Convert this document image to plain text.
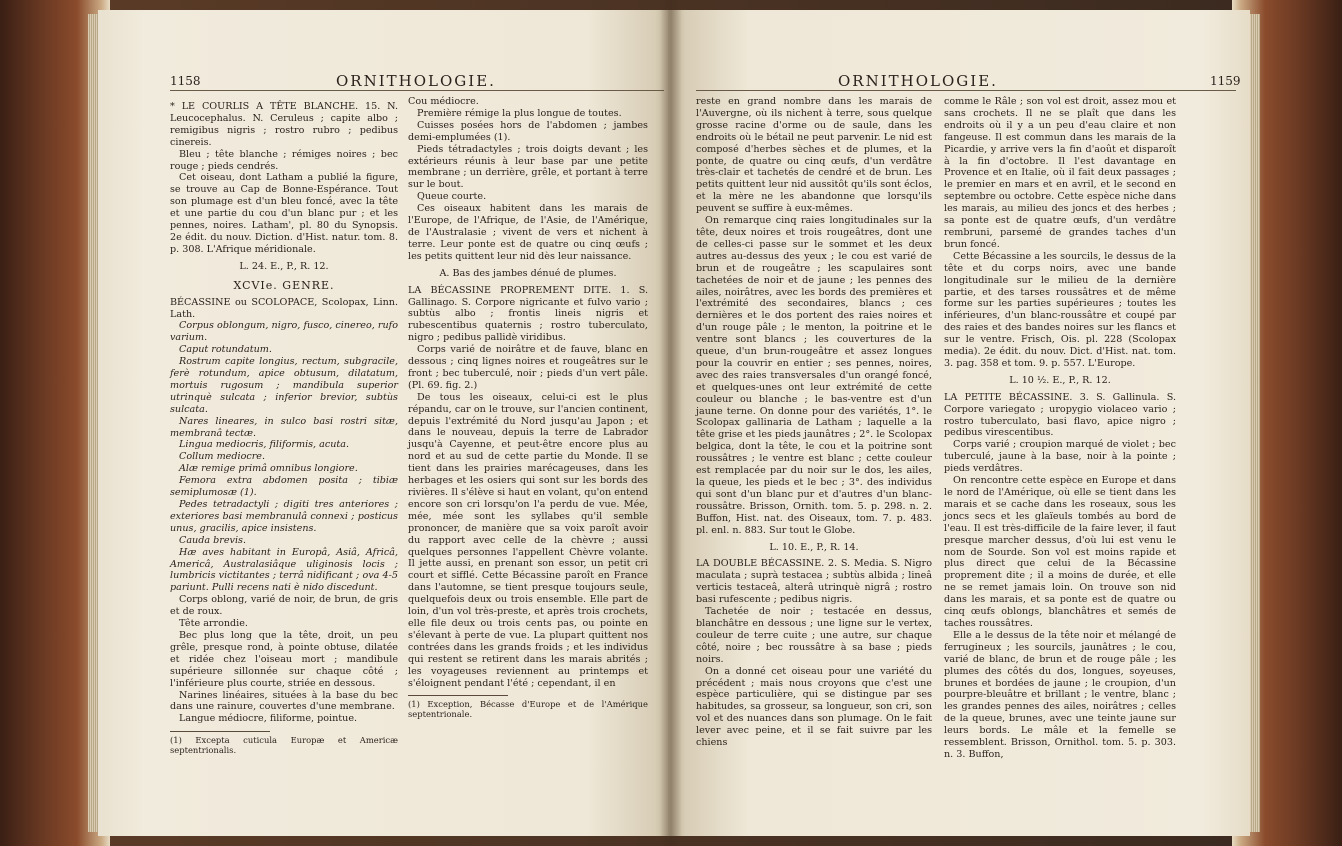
1158	ORNITHOLOGIE.

* LE COURLIS A TÊTE BLANCHE. 15. N. Leucocephalus. N. Ceruleus ; capite albo ; remigibus nigris ; rostro rubro ; pedibus cinereis.

Bleu ; tête blanche ; rémiges noires ; bec rouge ; pieds cendrés.

Cet oiseau, dont Latham a publié la figure, se trouve au Cap de Bonne-Espérance. Tout son plumage est d'un bleu foncé, avec la tête et une partie du cou d'un blanc pur ; et les pennes, noires. Latham', pl. 80 du Synopsis. 2e édit. du nouv. Diction. d'Hist. natur. tom. 8. p. 308. L'Afrique méridionale.

L. 24. E., P., R. 12.

XCVIe. GENRE.

BÉCASSINE ou SCOLOPACE, Scolopax, Linn. Lath.

Corpus oblongum, nigro, fusco, cinereo, rufo varium.

Caput rotundatum.

Rostrum capite longius, rectum, subgracile, ferè rotundum, apice obtusum, dilatatum, mortuis rugosum ; mandibula superior utrinquè sulcata ; inferior brevior, subtùs sulcata.

Nares lineares, in sulco basi rostri sitæ, membranâ tectæ.

Lingua mediocris, filiformis, acuta.

Collum mediocre.

Alæ remige primâ omnibus longiore.

Femora extra abdomen posita ; tibiæ semiplumosæ (1).

Pedes tetradactyli ; digiti tres anteriores ; exteriores basi membranulâ connexi ; posticus unus, gracilis, apice insistens.

Cauda brevis.

Hæ aves habitant in Europâ, Asiâ, Africâ, Americâ, Australasiâque uliginosis locis ; lumbricis victitantes ; terrâ nidificant ; ova 4-5 pariunt. Pulli recens nati è nido discedunt.

Corps oblong, varié de noir, de brun, de gris et de roux.

Tête arrondie.

Bec plus long que la tête, droit, un peu grêle, presque rond, à pointe obtuse, dilatée et ridée chez l'oiseau mort ; mandibule supérieure sillonnée sur chaque côté ; l'inférieure plus courte, striée en dessous.

Narines linéaires, situées à la base du bec dans une rainure, couvertes d'une membrane.

Langue médiocre, filiforme, pointue.

(1) Excepta cuticula Europæ et Americæ septentrionalis.

Cou médiocre.

Première rémige la plus longue de toutes.

Cuisses posées hors de l'abdomen ; jambes demi-emplumées (1).

Pieds tétradactyles ; trois doigts devant ; les extérieurs réunis à leur base par une petite membrane ; un derrière, grêle, et portant à terre sur le bout.

Queue courte.

Ces oiseaux habitent dans les marais de l'Europe, de l'Afrique, de l'Asie, de l'Amérique, de l'Australasie ; vivent de vers et nichent à terre. Leur ponte est de quatre ou cinq œufs ; les petits quittent leur nid dès leur naissance.

A. Bas des jambes dénué de plumes.

LA BÉCASSINE PROPREMENT DITE. 1. S. Gallinago. S. Corpore nigricante et fulvo vario ; subtùs albo ; frontis lineis nigris et rubescentibus quaternis ; rostro tuberculato, nigro ; pedibus pallidè viridibus.

Corps varié de noirâtre et de fauve, blanc en dessous ; cinq lignes noires et rougeâtres sur le front ; bec tuberculé, noir ; pieds d'un vert pâle. (Pl. 69. fig. 2.)

De tous les oiseaux, celui-ci est le plus répandu, car on le trouve, sur l'ancien continent, depuis l'extrémité du Nord jusqu'au Japon ; et dans le nouveau, depuis la terre de Labrador jusqu'à Cayenne, et peut-être encore plus au nord et au sud de cette partie du Monde. Il se tient dans les prairies marécageuses, dans les herbages et les osiers qui sont sur les bords des rivières. Il s'élève si haut en volant, qu'on entend encore son cri lorsqu'on l'a perdu de vue. Mée, mée, mée sont les syllabes qu'il semble prononcer, de manière que sa voix paroît avoir du rapport avec celle de la chèvre ; aussi quelques personnes l'appellent Chèvre volante. Il jette aussi, en prenant son essor, un petit cri court et sifflé. Cette Bécassine paroît en France dans l'automne, se tient presque toujours seule, quelquefois deux ou trois ensemble. Elle part de loin, d'un vol très-preste, et après trois crochets, elle file deux ou trois cents pas, ou pointe en s'élevant à perte de vue. La plupart quittent nos contrées dans les grands froids ; et les individus qui restent se retirent dans les marais abrités ; les voyageuses reviennent au printemps et s'éloignent pendant l'été ; cependant, il en

(1) Exception, Bécasse d'Europe et de l'Amérique septentrionale.

1159
ORNITHOLOGIE.

reste en grand nombre dans les marais de l'Auvergne, où ils nichent à terre, sous quelque grosse racine d'orme ou de saule, dans les endroits où le bétail ne peut parvenir. Le nid est composé d'herbes sèches et de plumes, et la ponte, de quatre ou cinq œufs, d'un verdâtre très-clair et tachetés de cendré et de brun. Les petits quittent leur nid aussitôt qu'ils sont éclos, et la mère ne les abandonne que lorsqu'ils peuvent se suffire à eux-mêmes.

On remarque cinq raies longitudinales sur la tête, deux noires et trois rougeâtres, dont une de celles-ci passe sur le sommet et les deux autres au-dessus des yeux ; le cou est varié de brun et de rougeâtre ; les scapulaires sont tachetées de noir et de jaune ; les pennes des ailes, noirâtres, avec les bords des premières et l'extrémité des secondaires, blancs ; ces dernières et le dos portent des raies noires et d'un rouge pâle ; le menton, la poitrine et le ventre sont blancs ; les couvertures de la queue, d'un brun-rougeâtre et assez longues pour la couvrir en entier ; ses pennes, noires, avec des raies transversales d'un orangé foncé, et quelques-unes ont leur extrémité de cette couleur ou blanche ; le bas-ventre est d'un jaune terne. On donne pour des variétés, 1°. le Scolopax gallinaria de Latham ; laquelle a la tête grise et les pieds jaunâtres ; 2°. le Scolopax belgica, dont la tête, le cou et la poitrine sont roussâtres ; le ventre est blanc ; cette couleur est remplacée par du noir sur le dos, les ailes, la queue, les pieds et le bec ; 3°. des individus qui sont d'un blanc pur et d'autres d'un blanc-roussâtre. Brisson, Ornith. tom. 5. p. 298. n. 2. Buffon, Hist. nat. des Oiseaux, tom. 7. p. 483. pl. enl. n. 883. Sur tout le Globe.

L. 10. E., P., R. 14.

LA DOUBLE BÉCASSINE. 2. S. Media. S. Nigro maculata ; suprà testacea ; subtùs albida ; lineâ verticis testaceâ, alterâ utrinquè nigrâ ; rostro basi rufescente ; pedibus nigris.

Tachetée de noir ; testacée en dessus, blanchâtre en dessous ; une ligne sur le vertex, couleur de terre cuite ; une autre, sur chaque côté, noire ; bec roussâtre à sa base ; pieds noirs.

On a donné cet oiseau pour une variété du précédent ; mais nous croyons que c'est une espèce particulière, qui se distingue par ses habitudes, sa grosseur, sa longueur, son cri, son vol et des nuances dans son plumage. On le fait lever avec peine, et il se fait suivre par les chiens

comme le Râle ; son vol est droit, assez mou et sans crochets. Il ne se plaît que dans les endroits où il y a un peu d'eau claire et non fangeuse. Il est commun dans les marais de la Picardie, y arrive vers la fin d'août et disparoît à la fin d'octobre. Il l'est davantage en Provence et en Italie, où il fait deux passages ; le premier en mars et en avril, et le second en septembre ou octobre. Cette espèce niche dans les marais, au milieu des joncs et des herbes ; sa ponte est de quatre œufs, d'un verdâtre rembruni, parsemé de grandes taches d'un brun foncé.

Cette Bécassine a les sourcils, le dessus de la tête et du corps noirs, avec une bande longitudinale sur le milieu de la dernière partie, et des tarses roussâtres et de même forme sur les parties supérieures ; toutes les inférieures, d'un blanc-roussâtre et coupé par des raies et des bandes noires sur les flancs et sur le ventre. Frisch, Ois. pl. 228 (Scolopax media). 2e édit. du nouv. Dict. d'Hist. nat. tom. 3. pag. 358 et tom. 9. p. 557. L'Europe.

L. 10 ½. E., P., R. 12.

LA PETITE BÉCASSINE. 3. S. Gallinula. S. Corpore variegato ; uropygio violaceo vario ; rostro tuberculato, basi flavo, apice nigro ; pedibus virescentibus.

Corps varié ; croupion marqué de violet ; bec tuberculé, jaune à la base, noir à la pointe ; pieds verdâtres.

On rencontre cette espèce en Europe et dans le nord de l'Amérique, où elle se tient dans les marais et se cache dans les roseaux, sous les joncs secs et les glaïeuls tombés au bord de l'eau. Il est très-difficile de la faire lever, il faut presque marcher dessus, d'où lui est venu le nom de Sourde. Son vol est moins rapide et plus direct que celui de la Bécassine proprement dite ; il a moins de durée, et elle ne se remet jamais loin. On trouve son nid dans les marais, et sa ponte est de quatre ou cinq œufs oblongs, blanchâtres et semés de taches roussâtres.

Elle a le dessus de la tête noir et mélangé de ferrugineux ; les sourcils, jaunâtres ; le cou, varié de blanc, de brun et de rouge pâle ; les plumes des côtés du dos, longues, soyeuses, brunes et bordées de jaune ; le croupion, d'un pourpre-bleuâtre et brillant ; le ventre, blanc ; les grandes pennes des ailes, noirâtres ; celles de la queue, brunes, avec une teinte jaune sur leurs bords. Le mâle et la femelle se ressemblent. Brisson, Ornithol. tom. 5. p. 303. n. 3. Buffon,
